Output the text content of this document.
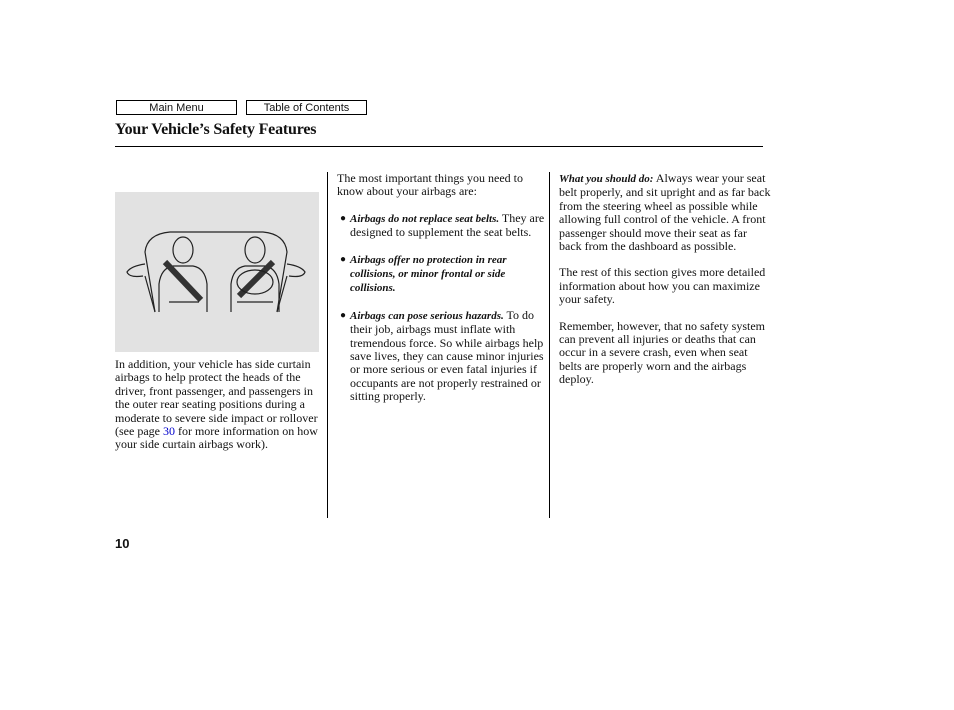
Main Menu	Table of Contents
Your Vehicle’s Safety Features

In addition, your vehicle has side curtain airbags to help protect the heads of the driver, front passenger, and passengers in the outer rear seating positions during a moderate to severe side impact or rollover (see page 30 for more information on how your side curtain airbags work).

The most important things you need to know about your airbags are:

● Airbags do not replace seat belts. They are designed to supplement the seat belts.

● Airbags offer no protection in rear collisions, or minor frontal or side collisions.

● Airbags can pose serious hazards. To do their job, airbags must inflate with tremendous force. So while airbags help save lives, they can cause minor injuries or more serious or even fatal injuries if occupants are not properly restrained or sitting properly.

What you should do: Always wear your seat belt properly, and sit upright and as far back from the steering wheel as possible while allowing full control of the vehicle. A front passenger should move their seat as far back from the dashboard as possible.

The rest of this section gives more detailed information about how you can maximize your safety.

Remember, however, that no safety system can prevent all injuries or deaths that can occur in a severe crash, even when seat belts are properly worn and the airbags deploy.

10
